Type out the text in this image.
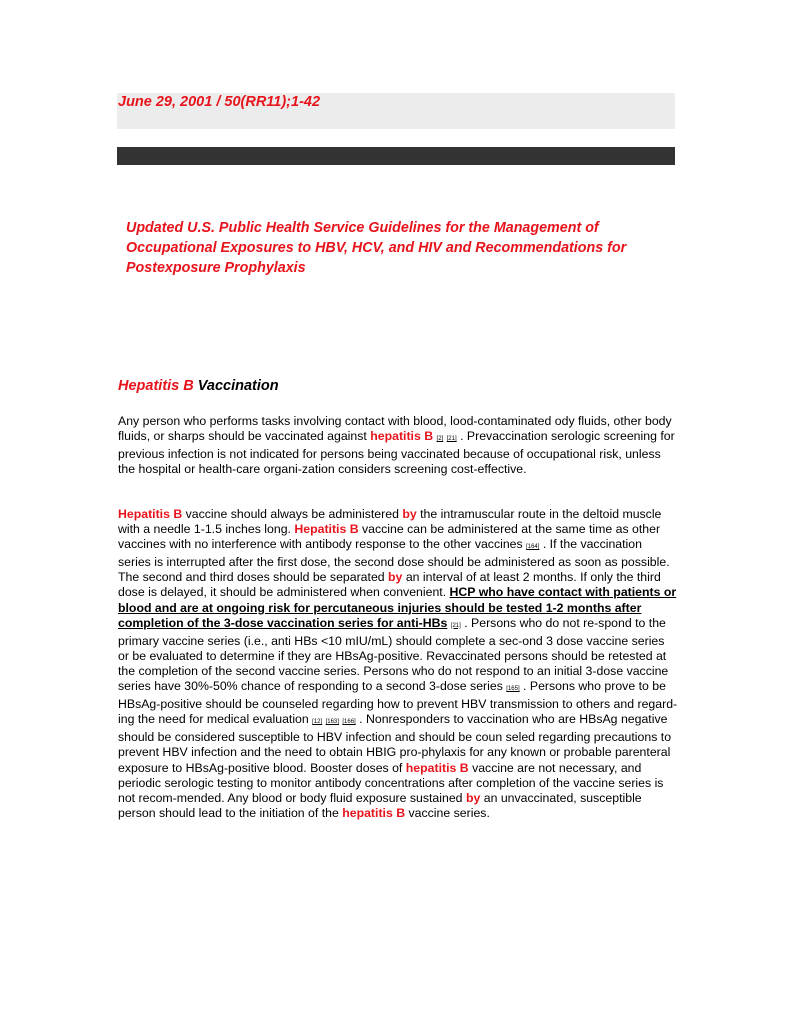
June 29, 2001 / 50(RR11);1-42
Updated U.S. Public Health Service Guidelines for the Management of Occupational Exposures to HBV, HCV, and HIV and Recommendations for Postexposure Prophylaxis
Hepatitis B Vaccination

Any person who performs tasks involving contact with blood, lood-contaminated ody fluids, other body fluids, or sharps should be vaccinated against hepatitis B [2] [21] . Prevaccination serologic screening for previous infection is not indicated for persons being vaccinated because of occupational risk, unless the hospital or health-care organi-zation considers screening cost-effective.

Hepatitis B vaccine should always be administered by the intramuscular route in the deltoid muscle with a needle 1-1.5 inches long. Hepatitis B vaccine can be administered at the same time as other vaccines with no interference with antibody response to the other vaccines [164] . If the vaccination series is interrupted after the first dose, the second dose should be administered as soon as possible. The second and third doses should be separated by an interval of at least 2 months. If only the third dose is delayed, it should be administered when convenient. HCP who have contact with patients or blood and are at ongoing risk for percutaneous injuries should be tested 1-2 months after completion of the 3-dose vaccination series for anti-HBs [21] . Persons who do not re-spond to the primary vaccine series (i.e., anti HBs <10 mIU/mL) should complete a sec-ond 3 dose vaccine series or be evaluated to determine if they are HBsAg-positive. Revaccinated persons should be retested at the completion of the second vaccine series. Persons who do not respond to an initial 3-dose vaccine series have 30%-50% chance of responding to a second 3-dose series [165] . Persons who prove to be HBsAg-positive should be counseled regarding how to prevent HBV transmission to others and regard-ing the need for medical evaluation [12] [163] [166] . Nonresponders to vaccination who are HBsAg negative should be considered susceptible to HBV infection and should be coun seled regarding precautions to prevent HBV infection and the need to obtain HBIG pro-phylaxis for any known or probable parenteral exposure to HBsAg-positive blood. Booster doses of hepatitis B vaccine are not necessary, and periodic serologic testing to monitor antibody concentrations after completion of the vaccine series is not recom-mended. Any blood or body fluid exposure sustained by an unvaccinated, susceptible person should lead to the initiation of the hepatitis B vaccine series.
